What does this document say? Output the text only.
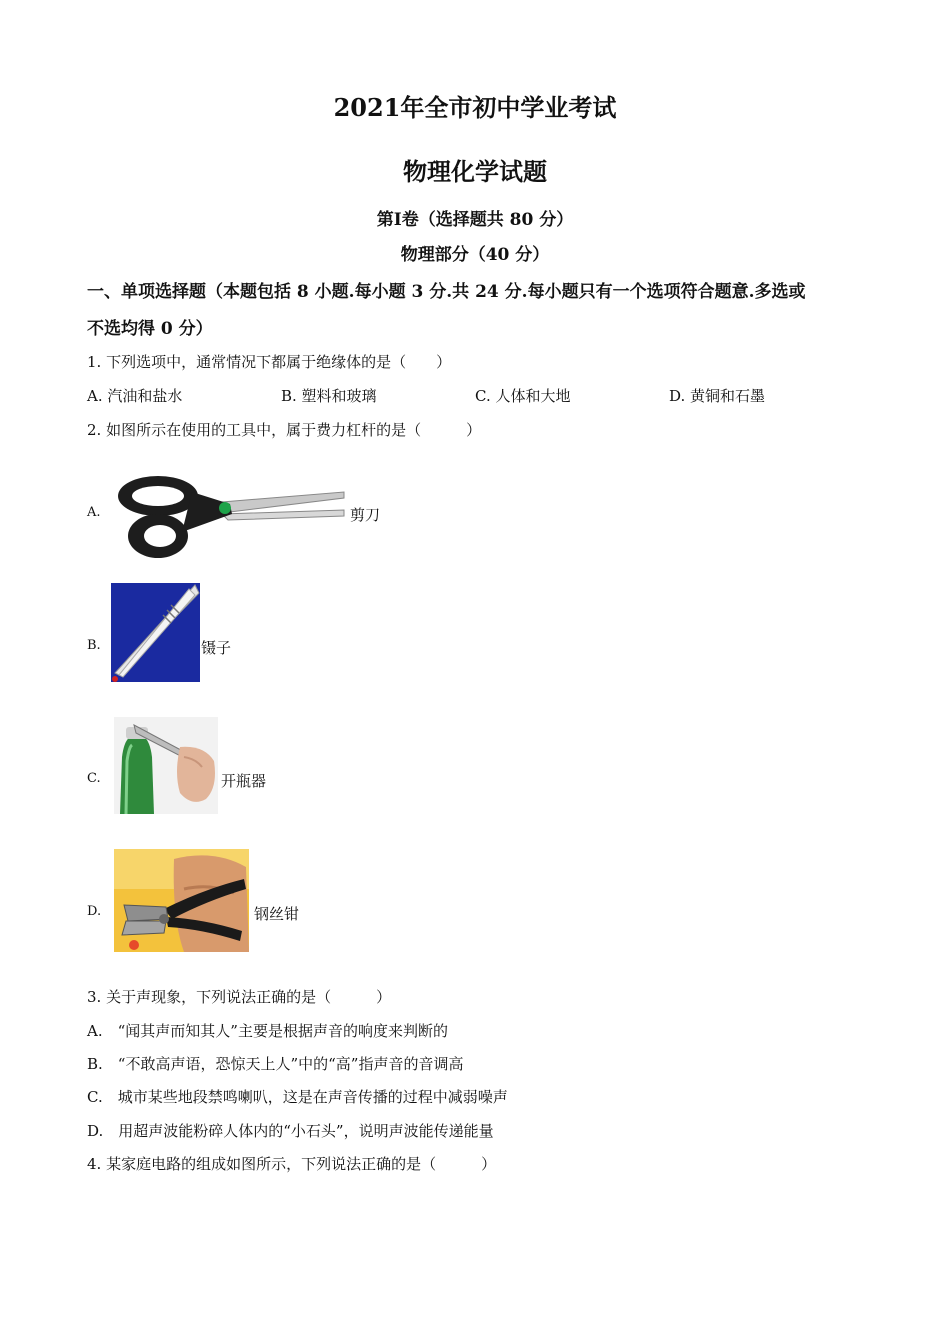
2021年全市初中学业考试
物理化学试题
第Ⅰ卷（选择题共 80 分）
物理部分（40 分）
一、单项选择题（本题包括 8 小题.每小题 3 分.共 24 分.每小题只有一个选项符合题意.多选或
不选均得 0 分）
1. 下列选项中，通常情况下都属于绝缘体的是（　　）
A. 汽油和盐水	B. 塑料和玻璃	C. 人体和大地	D. 黄铜和石墨
2. 如图所示在使用的工具中，属于费力杠杆的是（　　　）
A.	剪刀
B.	镊子
C.	开瓶器
D.	钢丝钳
3. 关于声现象，下列说法正确的是（　　　）
A.　“闻其声而知其人”主要是根据声音的响度来判断的
B.　“不敢高声语，恐惊天上人”中的“高”指声音的音调高
C.　城市某些地段禁鸣喇叭，这是在声音传播的过程中减弱噪声
D.　用超声波能粉碎人体内的“小石头”，说明声波能传递能量
4. 某家庭电路的组成如图所示，下列说法正确的是（　　　）
